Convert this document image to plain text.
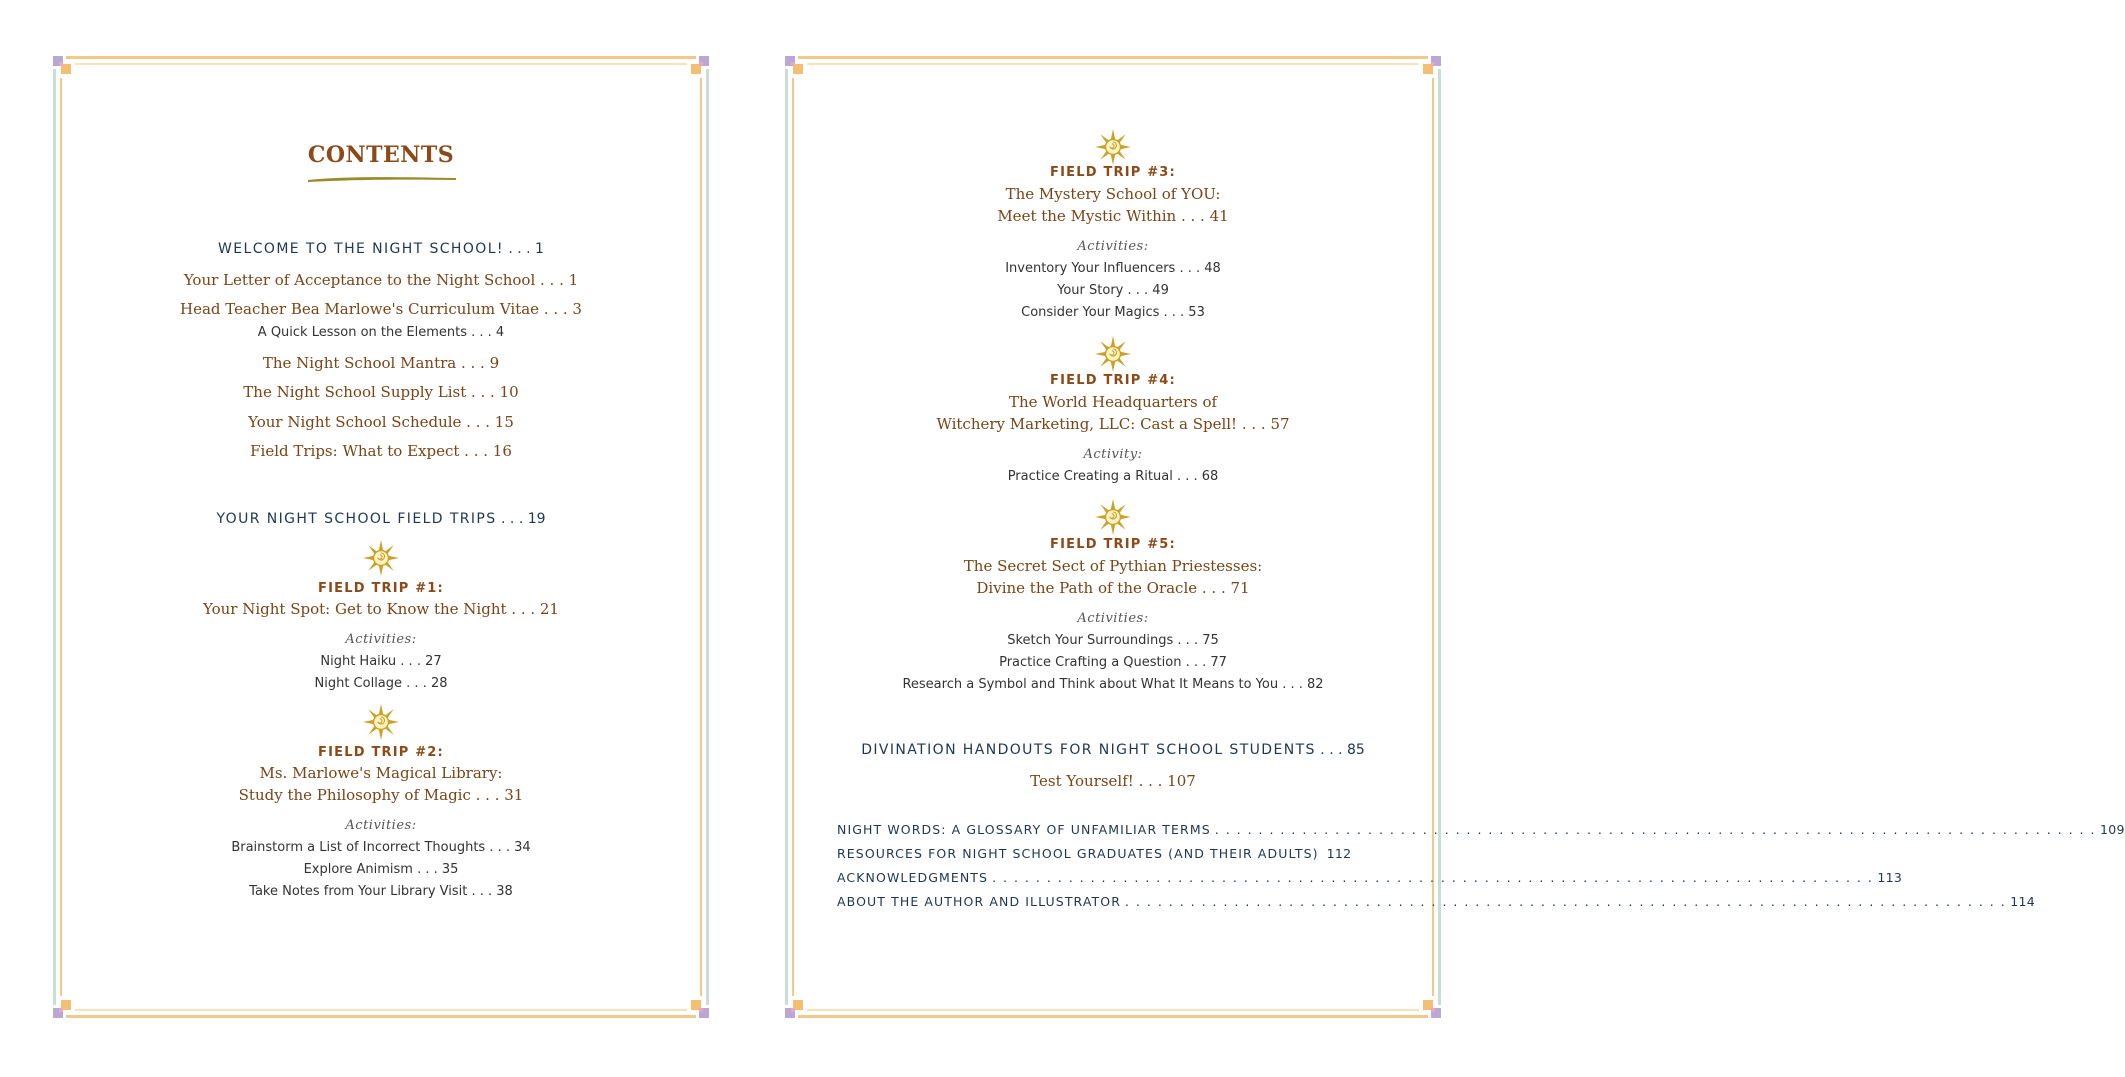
CONTENTS
WELCOME TO THE NIGHT SCHOOL! . . . 1
Your Letter of Acceptance to the Night School . . . 1
Head Teacher Bea Marlowe's Curriculum Vitae . . . 3
A Quick Lesson on the Elements . . . 4
The Night School Mantra . . . 9
The Night School Supply List . . . 10
Your Night School Schedule . . . 15
Field Trips: What to Expect . . . 16
YOUR NIGHT SCHOOL FIELD TRIPS . . . 19
FIELD TRIP #1:
Your Night Spot: Get to Know the Night . . . 21
Activities:
Night Haiku . . . 27
Night Collage . . . 28
FIELD TRIP #2:
Ms. Marlowe's Magical Library:
Study the Philosophy of Magic . . . 31
Activities:
Brainstorm a List of Incorrect Thoughts . . . 34
Explore Animism . . . 35
Take Notes from Your Library Visit . . . 38
FIELD TRIP #3:
The Mystery School of YOU:
Meet the Mystic Within . . . 41
Activities:
Inventory Your Influencers . . . 48
Your Story . . . 49
Consider Your Magics . . . 53
FIELD TRIP #4:
The World Headquarters of
Witchery Marketing, LLC: Cast a Spell! . . . 57
Activity:
Practice Creating a Ritual . . . 68
FIELD TRIP #5:
The Secret Sect of Pythian Priestesses:
Divine the Path of the Oracle . . . 71
Activities:
Sketch Your Surroundings . . . 75
Practice Crafting a Question . . . 77
Research a Symbol and Think about What It Means to You . . . 82
DIVINATION HANDOUTS FOR NIGHT SCHOOL STUDENTS . . . 85
Test Yourself! . . . 107
NIGHT WORDS: A GLOSSARY OF UNFAMILIAR TERMS . . . . . . . . . . . . . . . . . . . . . . . . . . . . . . . . . . . . . . . . . . . . . . . . . . . . . . . . . . . . . . . . . . . . . . . . . . . . . . . . . 109
RESOURCES FOR NIGHT SCHOOL GRADUATES (AND THEIR ADULTS) 112
ACKNOWLEDGMENTS . . . . . . . . . . . . . . . . . . . . . . . . . . . . . . . . . . . . . . . . . . . . . . . . . . . . . . . . . . . . . . . . . . . . . . . . . . . . . . . . . 113
ABOUT THE AUTHOR AND ILLUSTRATOR . . . . . . . . . . . . . . . . . . . . . . . . . . . . . . . . . . . . . . . . . . . . . . . . . . . . . . . . . . . . . . . . . . . . . . . . . . . . . . . . . 114
